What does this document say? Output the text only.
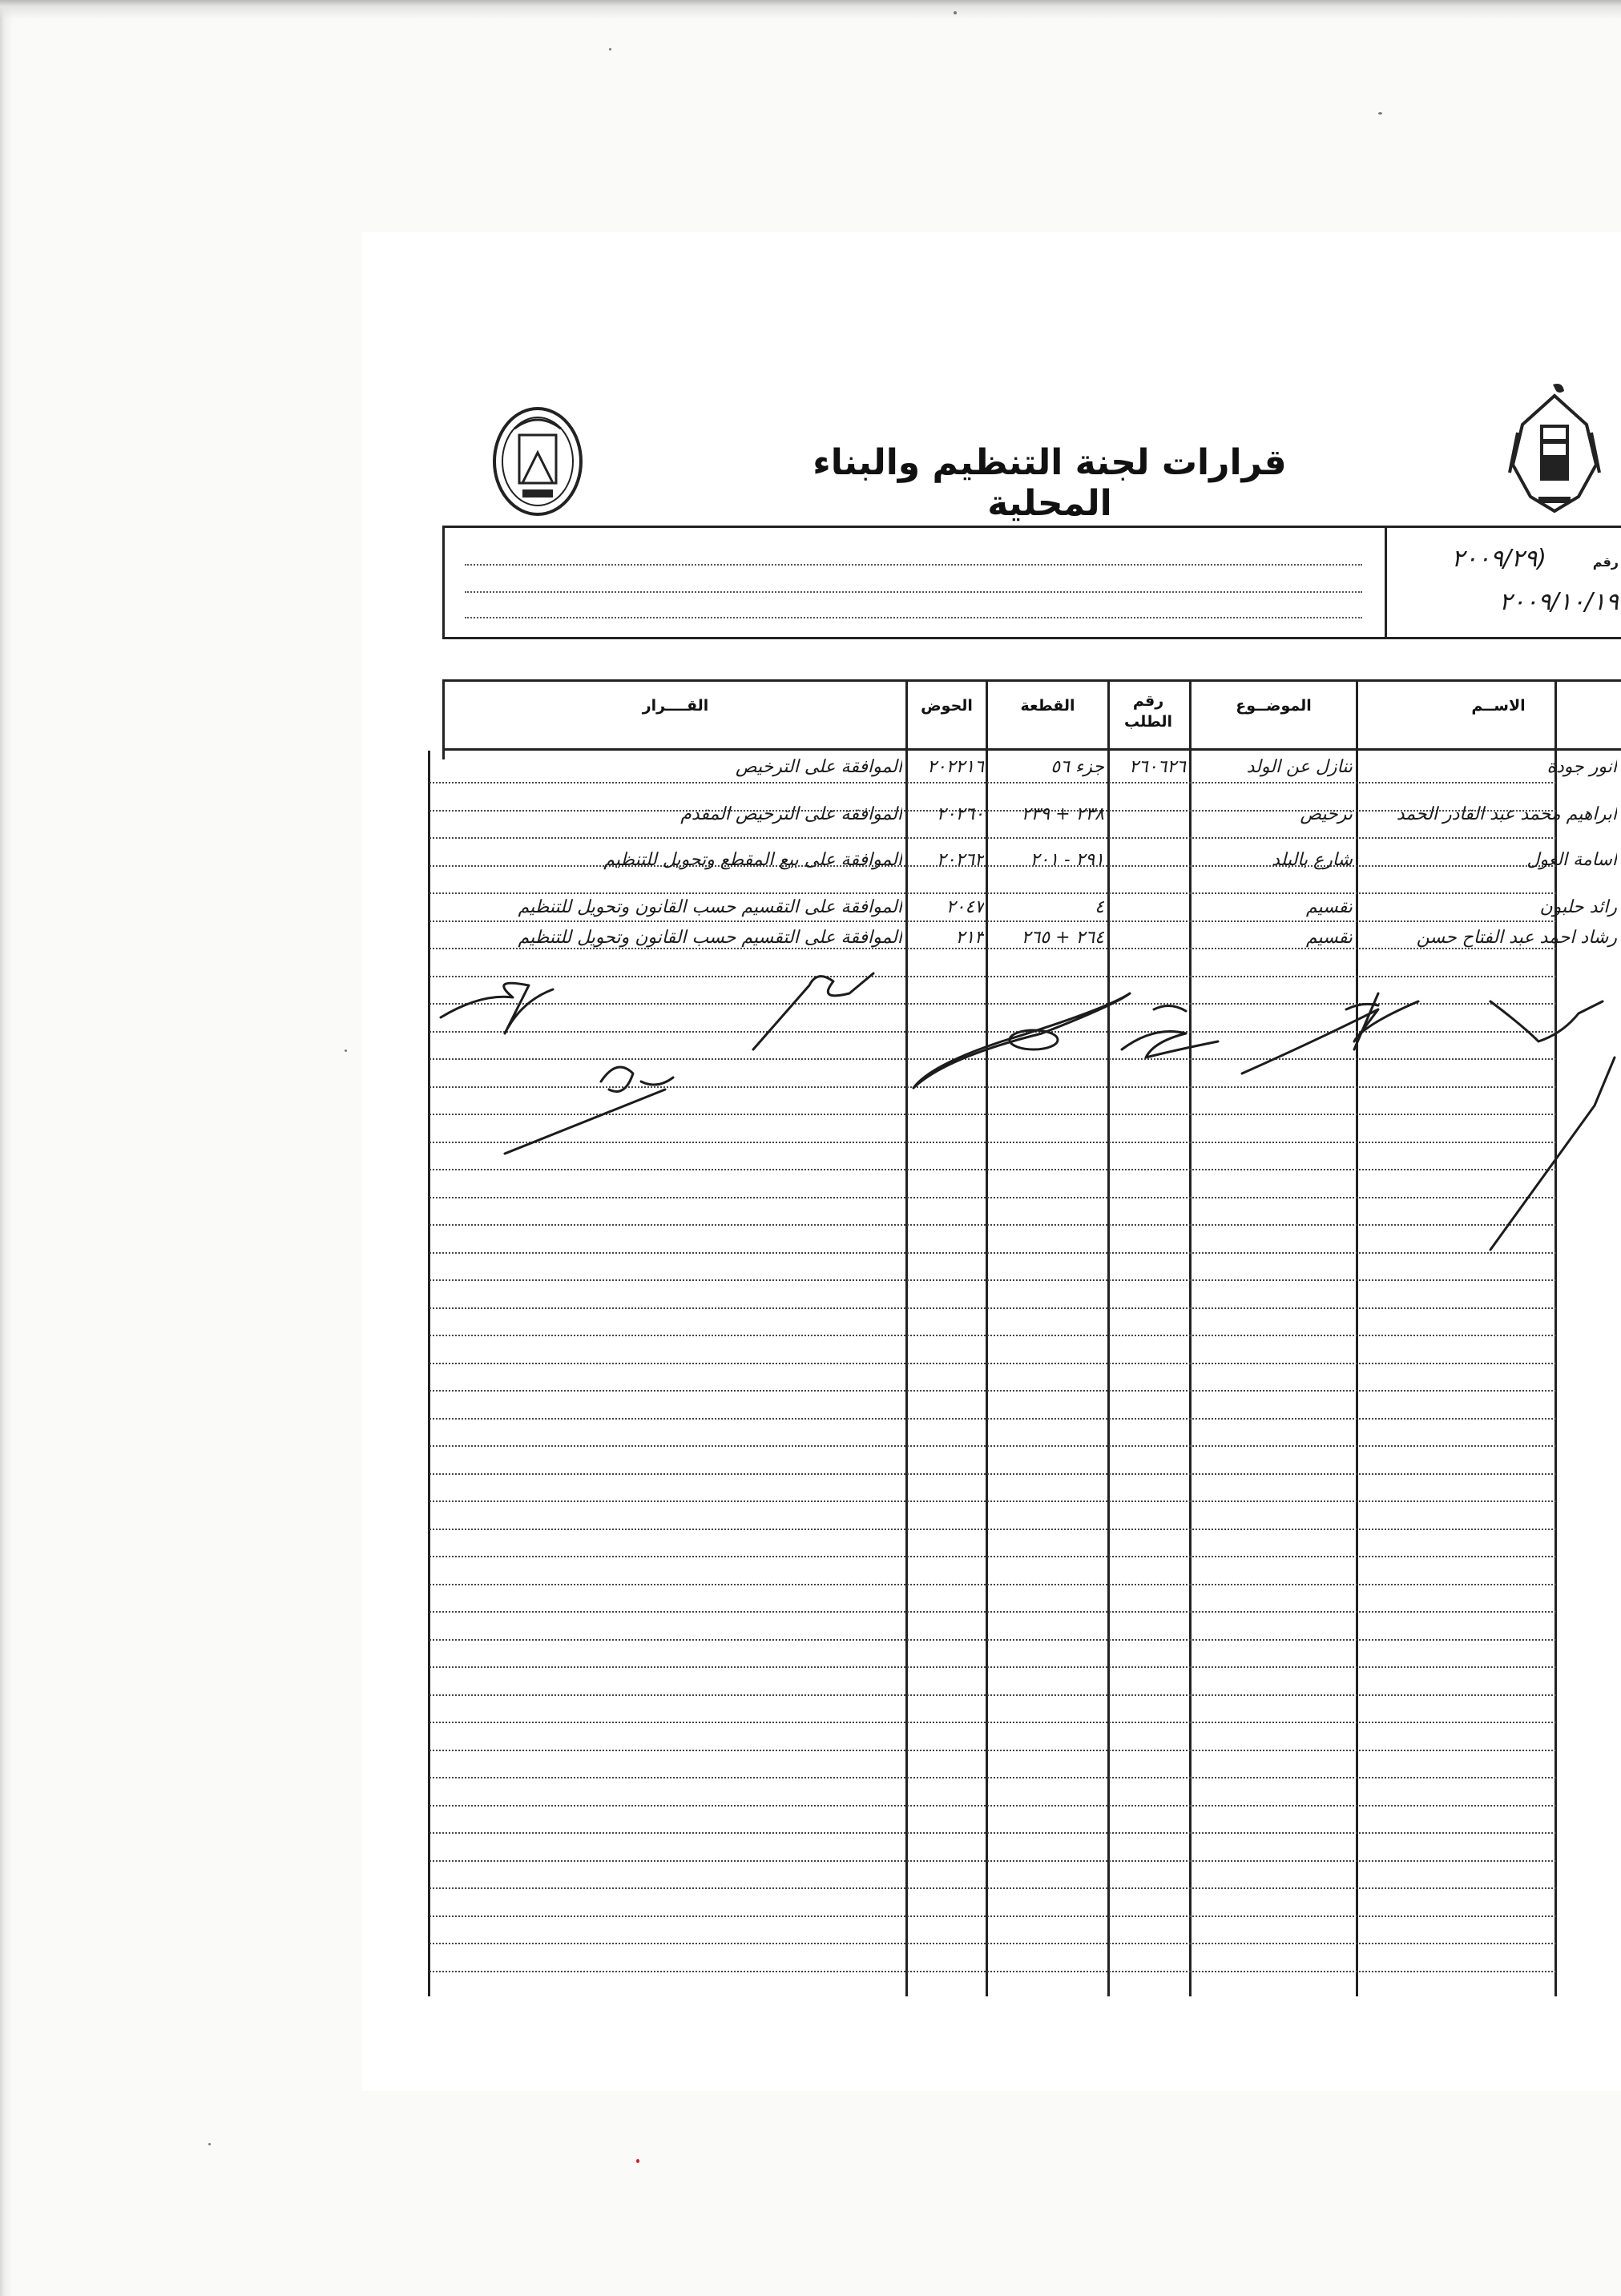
قرارات لجنة التنظيم والبناء المحلية
رقم
(٢٠٠٩/٢٩
٢٠٠٩/١٠/١٩
الاســم
الموضــوع
رقم الطلب
القطعة
الحوض
القــــرار
انور جودة
تنازل عن الولد
٢٦٠٦٢٦
جزء ٥٦
٢٠٢٢١٦
الموافقة على الترخيص
ابراهيم محمد عبد القادر الحمد
ترخيص
٢٣٨ + ٢٣٩
٢٠٢٦٠
الموافقة على الترخيص المقدم
اسامة الغول
شارع بالبلد
٢٩١ - ٢٠١
٢٠٢٦٢
الموافقة على بيع المقطع وتحويل للتنظيم
رائد حلبون
تقسيم
٤
٢٠٤٧
الموافقة على التقسيم حسب القانون وتحويل للتنظيم
رشاد احمد عبد الفتاح حسن
تقسيم
٢٦٤ + ٢٦٥
٢١٣
الموافقة على التقسيم حسب القانون وتحويل للتنظيم
